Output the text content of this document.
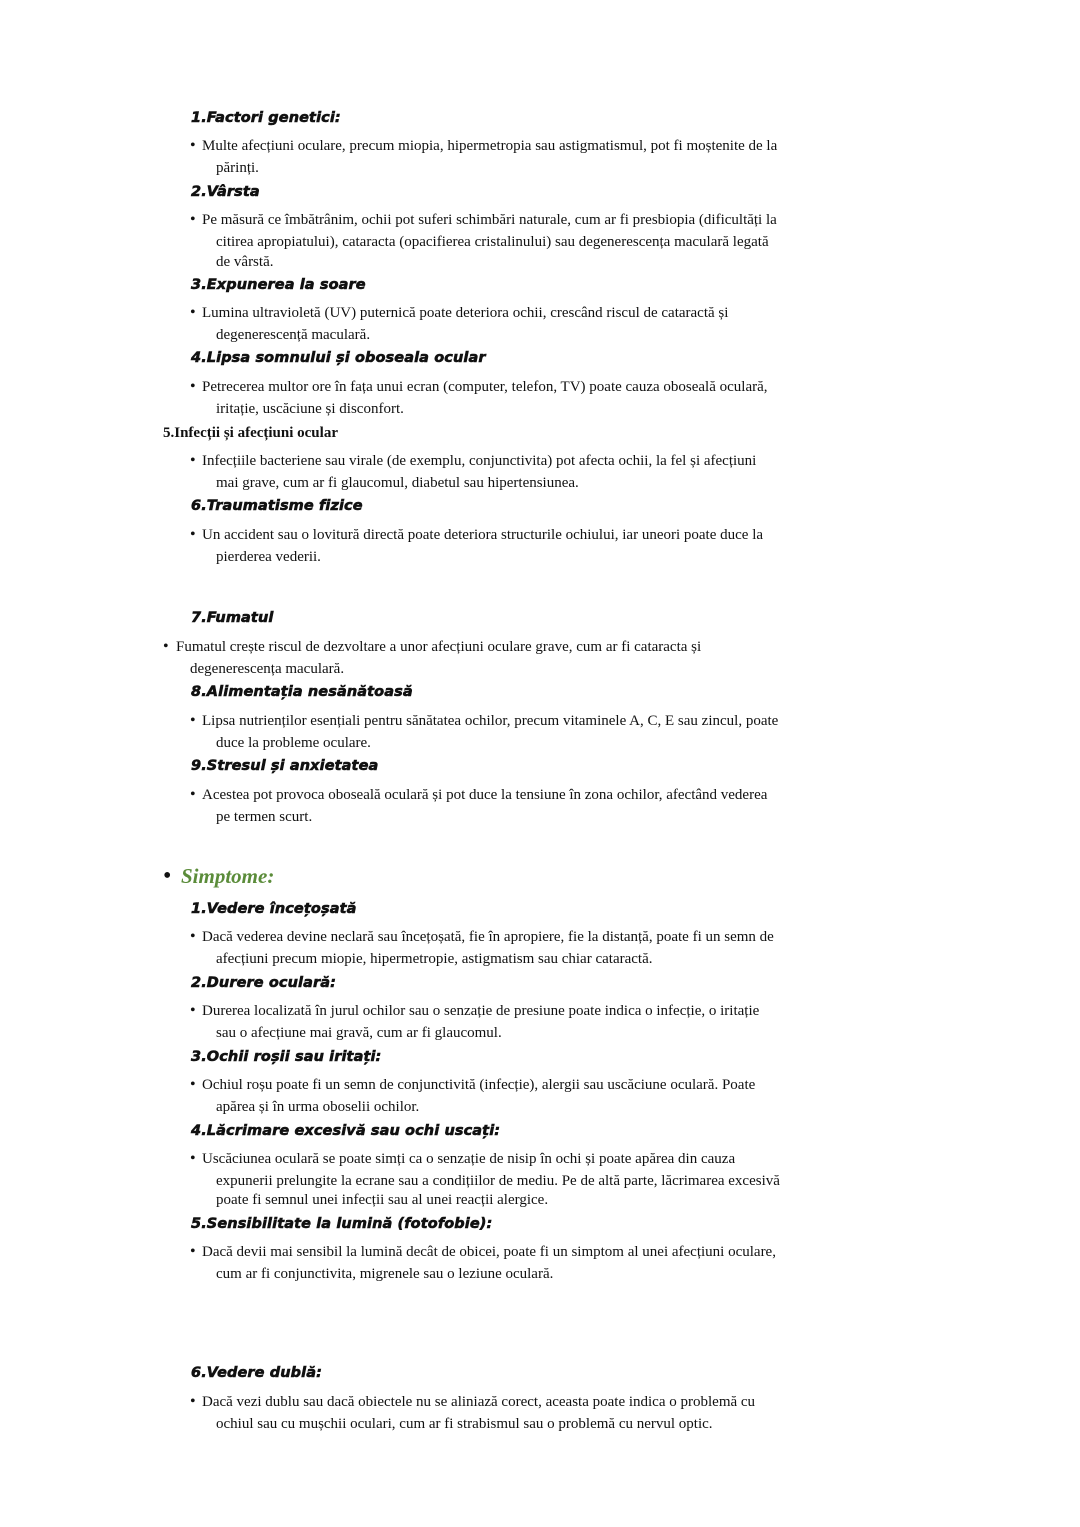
1.Factori genetici:
• Multe afecțiuni oculare, precum miopia, hipermetropia sau astigmatismul, pot fi moștenite de la
părinți.
2.Vârsta
• Pe măsură ce îmbătrânim, ochii pot suferi schimbări naturale, cum ar fi presbiopia (dificultăți la
citirea apropiatului), cataracta (opacifierea cristalinului) sau degenerescența maculară legată
de vârstă.
3.Expunerea la soare
• Lumina ultravioletă (UV) puternică poate deteriora ochii, crescând riscul de cataractă și
degenerescență maculară.
4.Lipsa somnului și oboseala ocular
• Petrecerea multor ore în fața unui ecran (computer, telefon, TV) poate cauza oboseală oculară,
iritație, uscăciune și disconfort.
5.Infecții și afecțiuni ocular
• Infecțiile bacteriene sau virale (de exemplu, conjunctivita) pot afecta ochii, la fel și afecțiuni
mai grave, cum ar fi glaucomul, diabetul sau hipertensiunea.
6.Traumatisme fizice
• Un accident sau o lovitură directă poate deteriora structurile ochiului, iar uneori poate duce la
pierderea vederii.
7.Fumatul
• Fumatul crește riscul de dezvoltare a unor afecțiuni oculare grave, cum ar fi cataracta și
degenerescența maculară.
8.Alimentația nesănătoasă
• Lipsa nutrienților esențiali pentru sănătatea ochilor, precum vitaminele A, C, E sau zincul, poate
duce la probleme oculare.
9.Stresul și anxietatea
• Acestea pot provoca oboseală oculară și pot duce la tensiune în zona ochilor, afectând vederea
pe termen scurt.
• Simptome:
1.Vedere încețoșată
• Dacă vederea devine neclară sau încețoșată, fie în apropiere, fie la distanță, poate fi un semn de
afecțiuni precum miopie, hipermetropie, astigmatism sau chiar cataractă.
2.Durere oculară:
• Durerea localizată în jurul ochilor sau o senzație de presiune poate indica o infecție, o iritație
sau o afecțiune mai gravă, cum ar fi glaucomul.
3.Ochii roșii sau iritați:
• Ochiul roșu poate fi un semn de conjunctivită (infecție), alergii sau uscăciune oculară. Poate
apărea și în urma oboselii ochilor.
4.Lăcrimare excesivă sau ochi uscați:
• Uscăciunea oculară se poate simți ca o senzație de nisip în ochi și poate apărea din cauza
expunerii prelungite la ecrane sau a condițiilor de mediu. Pe de altă parte, lăcrimarea excesivă
poate fi semnul unei infecții sau al unei reacții alergice.
5.Sensibilitate la lumină (fotofobie):
• Dacă devii mai sensibil la lumină decât de obicei, poate fi un simptom al unei afecțiuni oculare,
cum ar fi conjunctivita, migrenele sau o leziune oculară.
6.Vedere dublă:
• Dacă vezi dublu sau dacă obiectele nu se aliniază corect, aceasta poate indica o problemă cu
ochiul sau cu mușchii oculari, cum ar fi strabismul sau o problemă cu nervul optic.
